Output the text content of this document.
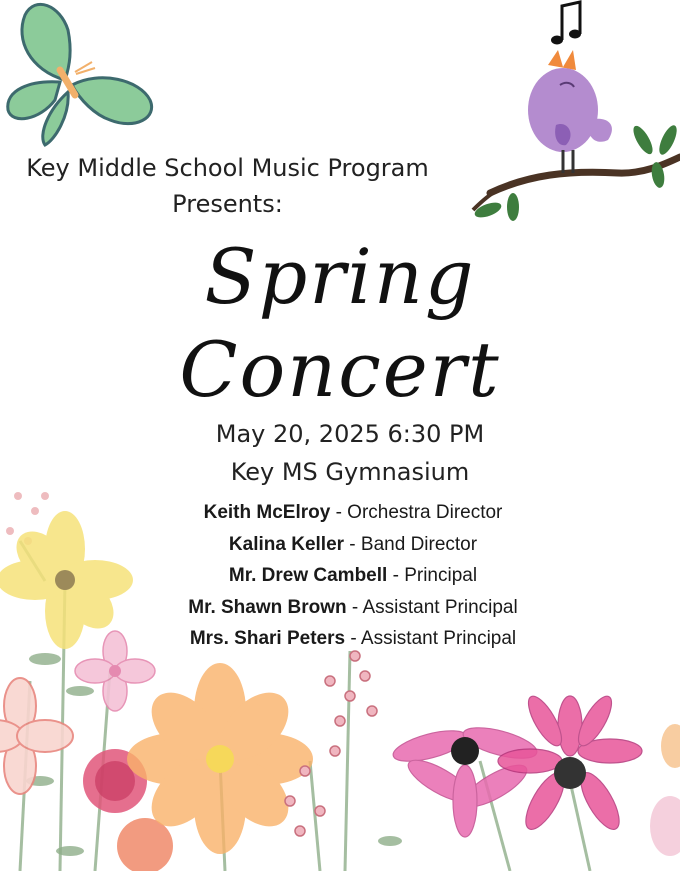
Key Middle School Music Program
Presents:
Spring
Concert
May 20, 2025 6:30 PM
Key MS Gymnasium
Keith McElroy - Orchestra Director
Kalina Keller - Band Director
Mr. Drew Cambell - Principal
Mr. Shawn Brown - Assistant Principal
Mrs. Shari Peters - Assistant Principal
